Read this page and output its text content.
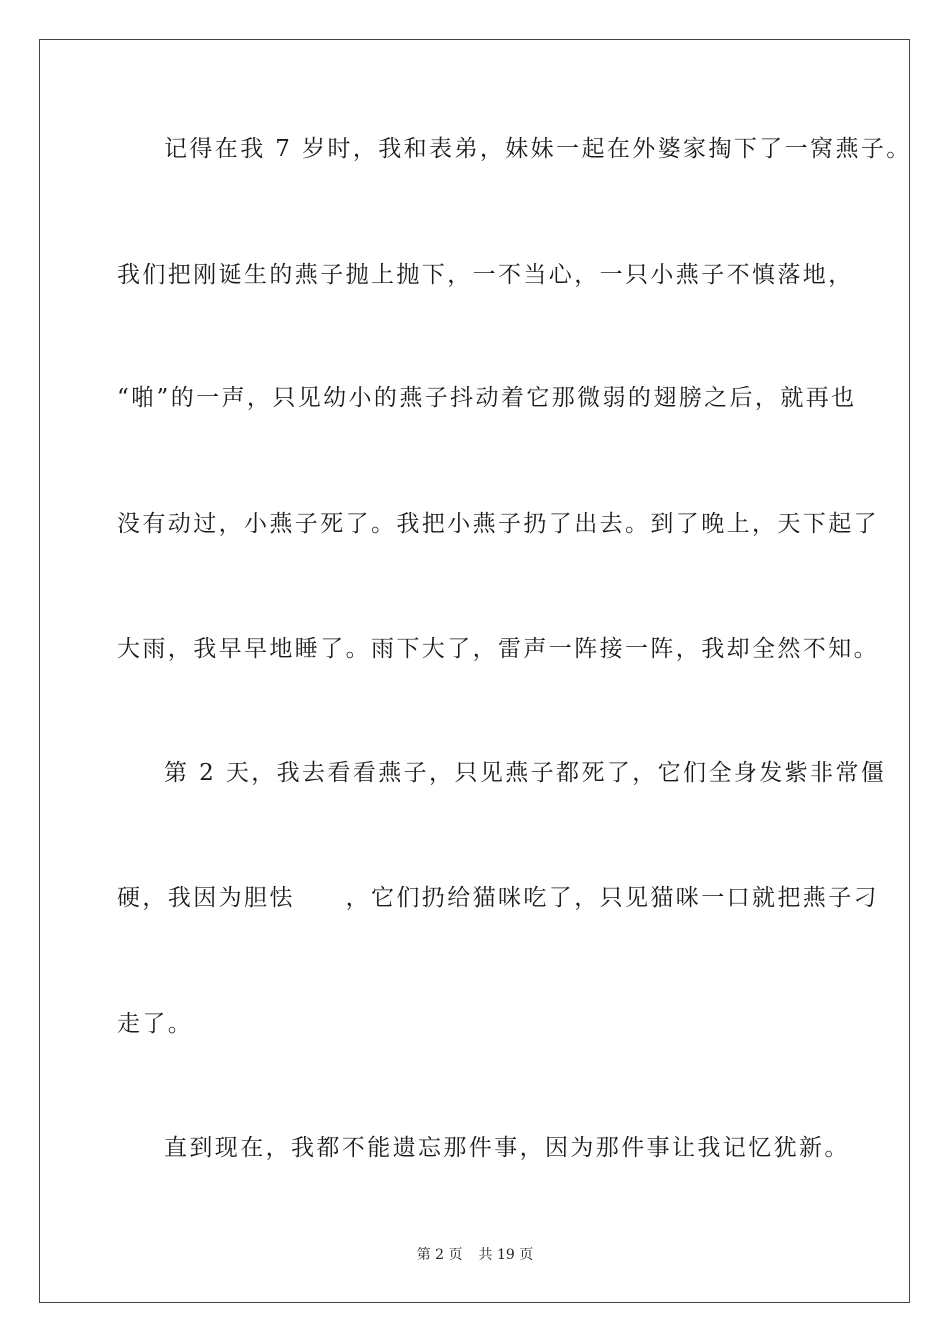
记得在我 7 岁时，我和表弟，妹妹一起在外婆家掏下了一窝燕子。
我们把刚诞生的燕子抛上抛下，一不当心，一只小燕子不慎落地，
“啪”的一声，只见幼小的燕子抖动着它那微弱的翅膀之后，就再也
没有动过，小燕子死了。我把小燕子扔了出去。到了晚上，天下起了
大雨，我早早地睡了。雨下大了，雷声一阵接一阵，我却全然不知。
第 2 天，我去看看燕子，只见燕子都死了，它们全身发紫非常僵
硬，我因为胆怯　　，它们扔给猫咪吃了，只见猫咪一口就把燕子刁
走了。
直到现在，我都不能遗忘那件事，因为那件事让我记忆犹新。
第 2 页 共 19 页
